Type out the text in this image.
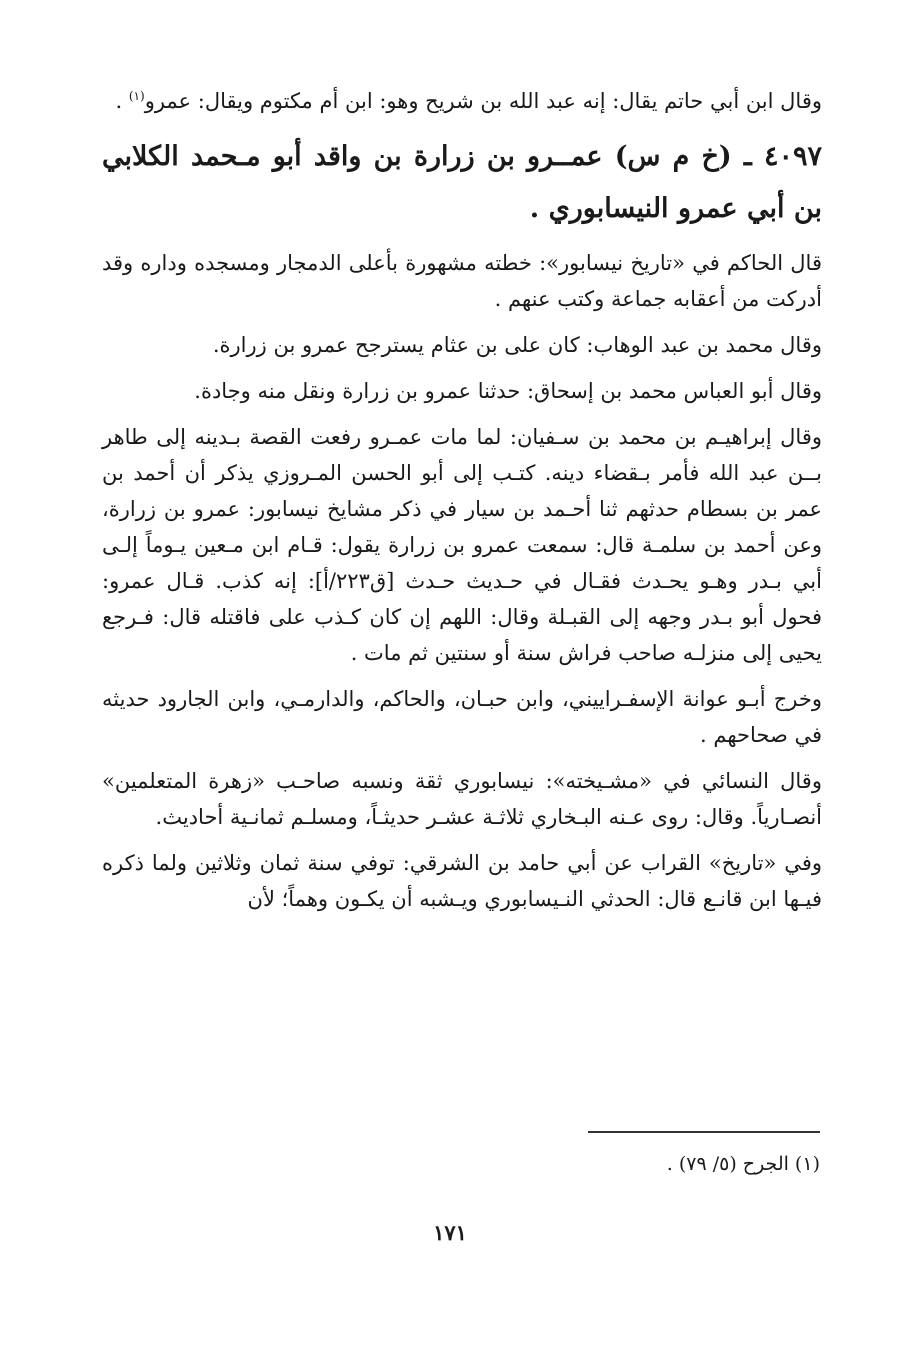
وقال ابن أبي حاتم يقال: إنه عبد الله بن شريح وهو: ابن أم مكتوم ويقال: عمرو$^{(١)}$ .

٤٠٩٧ ـ (خ م س) عمــرو بن زرارة بن واقد أبو مـحمد الكلابي بن أبي عمرو النيسابوري .

قال الحاكم في «تاريخ نيسابور»: خطته مشهورة بأعلى الدمجار ومسجده وداره وقد أدركت من أعقابه جماعة وكتب عنهم .

وقال محمد بن عبد الوهاب: كان على بن عثام يسترجح عمرو بن زرارة.

وقال أبو العباس محمد بن إسحاق: حدثنا عمرو بن زرارة ونقل منه وجادة.

وقال إبراهيـم بن محمد بن سـفيان: لما مات عمـرو رفعت القصة بـدينه إلى طاهر بــن عبد الله فأمر بـقضاء دينه. كتـب إلى أبو الحسن المـروزي يذكر أن أحمد بن عمر بن بسطام حدثهم ثنا أحـمد بن سيار في ذكر مشايخ نيسابور: عمرو بن زرارة، وعن أحمد بن سلمـة قال: سمعت عمرو بن زرارة يقول: قـام ابن مـعين يـوماً إلـى أبي بـدر وهـو يحـدث فقـال في حـديث حـدث [ق٢٢٣/أ]: إنه كذب. قـال عمرو: فحول أبو بـدر وجهه إلى القبـلة وقال: اللهم إن كان كـذب على فاقتله قال: فـرجع يحيى إلى منزلـه صاحب فراش سنة أو سنتين ثم مات .

وخرج أبـو عوانة الإسفـراييني، وابن حبـان، والحاكم، والدارمـي، وابن الجارود حديثه في صحاحهم .

وقال النسائي في «مشـيخته»: نيسابوري ثقة ونسبه صاحـب «زهرة المتعلمين» أنصـارياً. وقال: روى عـنه البـخاري ثلاثـة عشـر حديثـاً، ومسلـم ثمانـية أحاديث.

وفي «تاريخ» القراب عن أبي حامد بن الشرقي: توفي سنة ثمان وثلاثين ولما ذكره فيـها ابن قانـع قال: الحدثي النـيسابوري ويـشبه أن يكـون وهماً؛ لأن

(١) الجرح (٥/ ٧٩) .
١٧١
